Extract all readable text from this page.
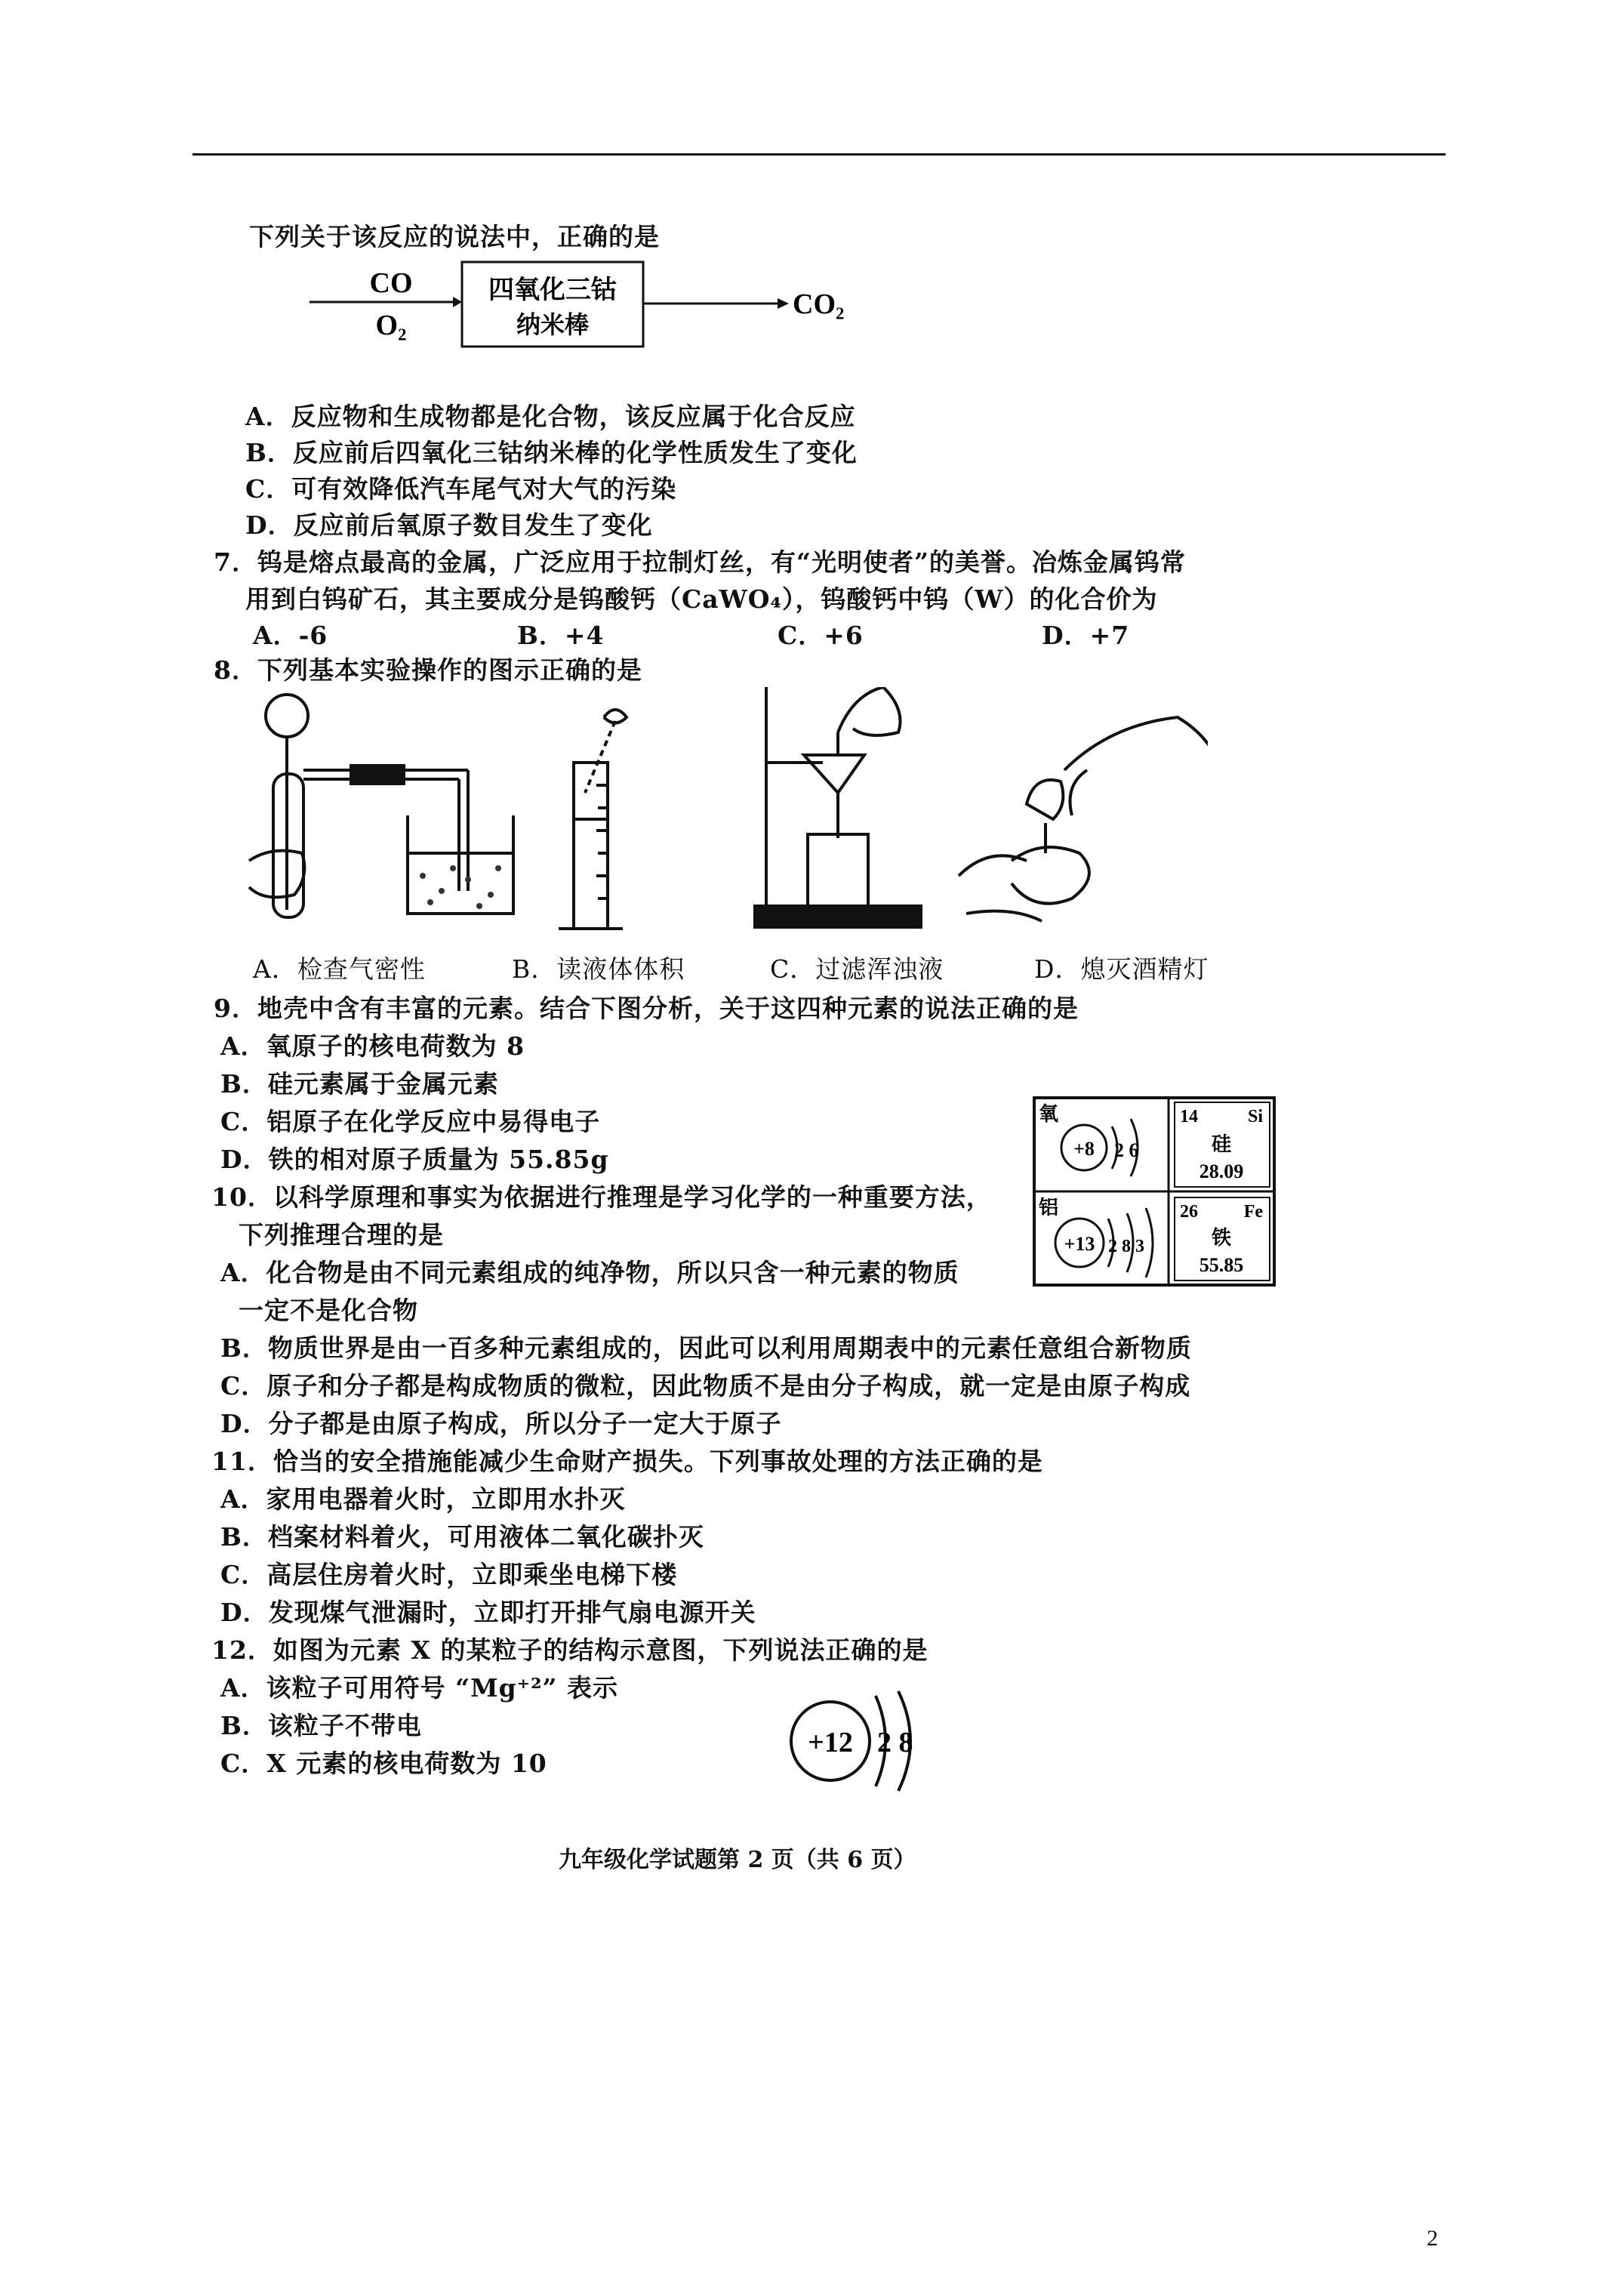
下列关于该反应的说法中，正确的是
CO
O₂
四氧化三钴
纳米棒
CO₂
A．反应物和生成物都是化合物，该反应属于化合反应
B．反应前后四氧化三钴纳米棒的化学性质发生了变化
C．可有效降低汽车尾气对大气的污染
D．反应前后氧原子数目发生了变化
7．钨是熔点最高的金属，广泛应用于拉制灯丝，有“光明使者”的美誉。冶炼金属钨常
用到白钨矿石，其主要成分是钨酸钙（CaWO₄），钨酸钙中钨（W）的化合价为
A．-6	B．+4	C．+6	D．+7
8．下列基本实验操作的图示正确的是
A．检查气密性	B．读液体体积	C．过滤浑浊液	D．熄灭酒精灯
9．地壳中含有丰富的元素。结合下图分析，关于这四种元素的说法正确的是
A．氧原子的核电荷数为 8
B．硅元素属于金属元素
C．铝原子在化学反应中易得电子
D．铁的相对原子质量为 55.85g
氧
+8 2 6
14	Si
硅
28.09
铝
+13 2 8 3
26	Fe
铁
55.85
10．以科学原理和事实为依据进行推理是学习化学的一种重要方法，
下列推理合理的是
A．化合物是由不同元素组成的纯净物，所以只含一种元素的物质
一定不是化合物
B．物质世界是由一百多种元素组成的，因此可以利用周期表中的元素任意组合新物质
C．原子和分子都是构成物质的微粒，因此物质不是由分子构成，就一定是由原子构成
D．分子都是由原子构成，所以分子一定大于原子
11．恰当的安全措施能减少生命财产损失。下列事故处理的方法正确的是
A．家用电器着火时，立即用水扑灭
B．档案材料着火，可用液体二氧化碳扑灭
C．高层住房着火时，立即乘坐电梯下楼
D．发现煤气泄漏时，立即打开排气扇电源开关
12．如图为元素 X 的某粒子的结构示意图，下列说法正确的是
A．该粒子可用符号 “Mg⁺²” 表示
B．该粒子不带电
C．X 元素的核电荷数为 10
+12 2 8
九年级化学试题第 2 页（共 6 页）
2
